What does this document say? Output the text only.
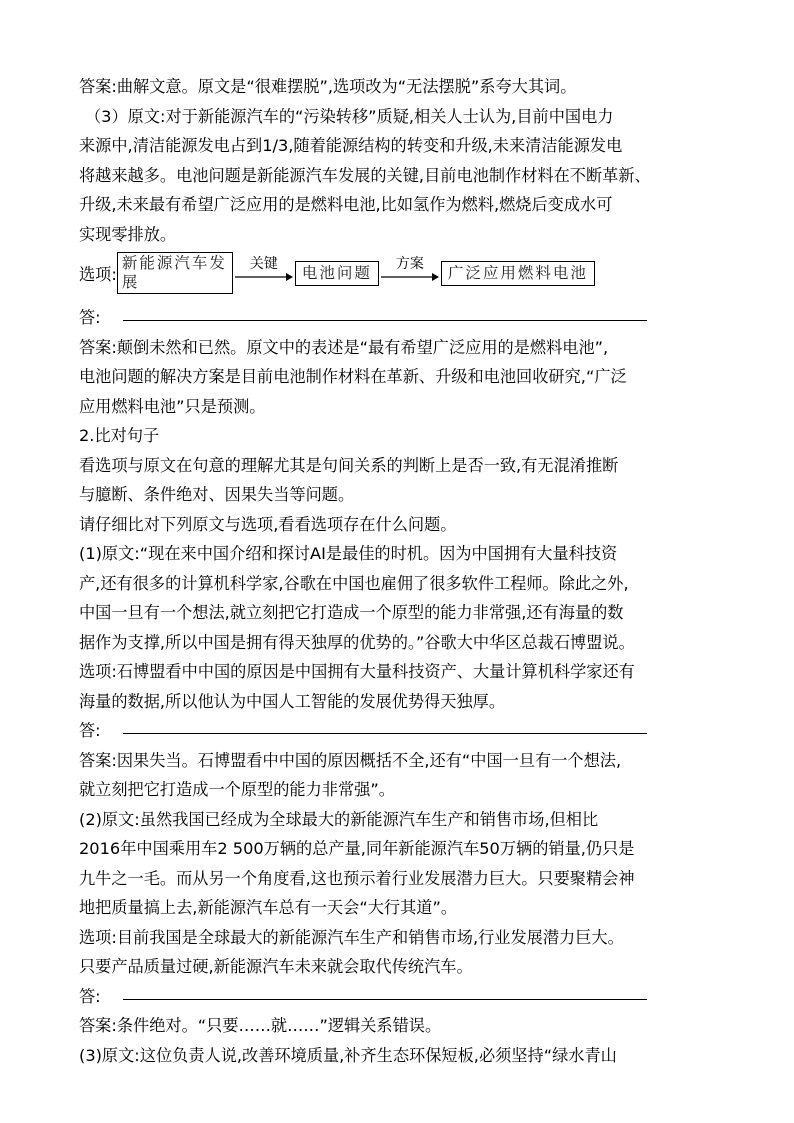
答案:曲解文意。原文是“很难摆脱”,选项改为“无法摆脱”系夸大其词。
（3）原文:对于新能源汽车的“污染转移”质疑,相关人士认为,目前中国电力
来源中,清洁能源发电占到1/3,随着能源结构的转变和升级,未来清洁能源发电
将越来越多。电池问题是新能源汽车发展的关键,目前电池制作材料在不断革新、
升级,未来最有希望广泛应用的是燃料电池,比如氢作为燃料,燃烧后变成水可
实现零排放。
选项:
新能源汽车发展
关键	电池问题	方案	广泛应用燃料电池
答:
答案:颠倒未然和已然。原文中的表述是“最有希望广泛应用的是燃料电池”,
电池问题的解决方案是目前电池制作材料在革新、升级和电池回收研究,“广泛
应用燃料电池”只是预测。
2.比对句子
看选项与原文在句意的理解尤其是句间关系的判断上是否一致,有无混淆推断
与臆断、条件绝对、因果失当等问题。
请仔细比对下列原文与选项,看看选项存在什么问题。
(1)原文:“现在来中国介绍和探讨AI是最佳的时机。因为中国拥有大量科技资
产,还有很多的计算机科学家,谷歌在中国也雇佣了很多软件工程师。除此之外,
中国一旦有一个想法,就立刻把它打造成一个原型的能力非常强,还有海量的数
据作为支撑,所以中国是拥有得天独厚的优势的。”谷歌大中华区总裁石博盟说。
选项:石博盟看中中国的原因是中国拥有大量科技资产、大量计算机科学家还有
海量的数据,所以他认为中国人工智能的发展优势得天独厚。
答:
答案:因果失当。石博盟看中中国的原因概括不全,还有“中国一旦有一个想法,
就立刻把它打造成一个原型的能力非常强”。
(2)原文:虽然我国已经成为全球最大的新能源汽车生产和销售市场,但相比
2016年中国乘用车2 500万辆的总产量,同年新能源汽车50万辆的销量,仍只是
九牛之一毛。而从另一个角度看,这也预示着行业发展潜力巨大。只要聚精会神
地把质量搞上去,新能源汽车总有一天会“大行其道”。
选项:目前我国是全球最大的新能源汽车生产和销售市场,行业发展潜力巨大。
只要产品质量过硬,新能源汽车未来就会取代传统汽车。
答:
答案:条件绝对。“只要……就……”逻辑关系错误。
(3)原文:这位负责人说,改善环境质量,补齐生态环保短板,必须坚持“绿水青山
